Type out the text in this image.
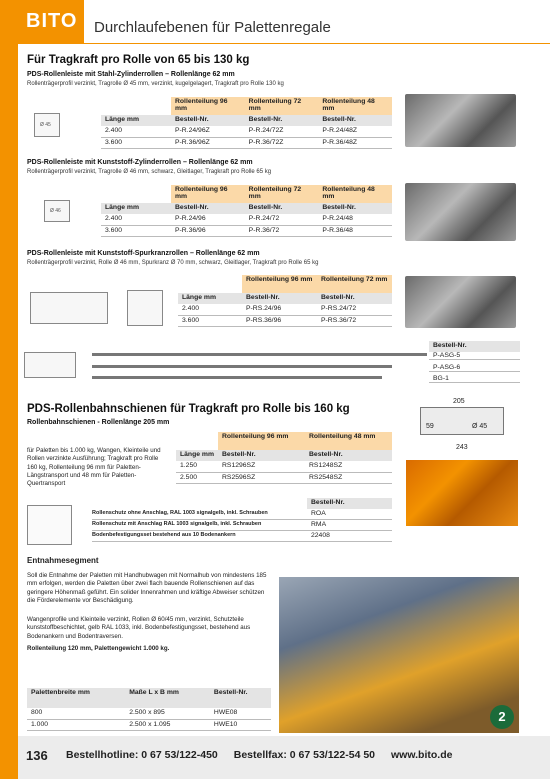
BITO	Durchlaufebenen für Palettenregale
Für Tragkraft pro Rolle von 65 bis 130 kg
PDS-Rollenleiste mit Stahl-Zylinderrollen – Rollenlänge 62 mm
Rollenträgerprofil verzinkt, Tragrolle Ø 45 mm, verzinkt, kugelgelagert, Tragkraft pro Rolle 130 kg
Ø 45
	Rollenteilung 96 mm	Rollenteilung 72 mm	Rollenteilung 48 mm
Länge mm	Bestell-Nr.	Bestell-Nr.	Bestell-Nr.
2.400	P-R.24/96Z	P-R.24/72Z	P-R.24/48Z
3.600	P-R.36/96Z	P-R.36/72Z	P-R.36/48Z
PDS-Rollenleiste mit Kunststoff-Zylinderrollen – Rollenlänge 62 mm
Rollenträgerprofil verzinkt, Tragrolle Ø 46 mm, schwarz, Gleitlager, Tragkraft pro Rolle 65 kg
Ø 46
	Rollenteilung 96 mm	Rollenteilung 72 mm	Rollenteilung 48 mm
Länge mm	Bestell-Nr.	Bestell-Nr.	Bestell-Nr.
2.400	P-R.24/96	P-R.24/72	P-R.24/48
3.600	P-R.36/96	P-R.36/72	P-R.36/48
PDS-Rollenleiste mit Kunststoff-Spurkranzrollen – Rollenlänge 62 mm
Rollenträgerprofil verzinkt, Rolle Ø 46 mm, Spurkranz Ø 70 mm, schwarz, Gleitlager, Tragkraft pro Rolle 65 kg
	Rollenteilung 96 mm	Rollenteilung 72 mm
Länge mm	Bestell-Nr.	Bestell-Nr.
2.400	P-RS.24/96	P-RS.24/72
3.600	P-RS.36/96	P-RS.36/72
Bestell-Nr.
P-ASG-5
P-ASG-6
BG-1
PDS-Rollenbahnschienen für Tragkraft pro Rolle bis 160 kg
Rollenbahnschienen - Rollenlänge 205 mm
für Paletten bis 1.000 kg, Wangen, Kleinteile und Rollen verzinkte Ausführung; Tragkraft pro Rolle 160 kg, Rollenteilung 96 mm für Paletten-Längstransport und 48 mm für Paletten-Quertransport
	Rollenteilung 96 mm	Rollenteilung 48 mm
Länge mm	Bestell-Nr.	Bestell-Nr.
1.250	RS1296SZ	RS1248SZ
2.500	RS2596SZ	RS2548SZ
205
59	Ø 45
243
Bestell-Nr.
Rollenschutz ohne Anschlag, RAL 1003 signalgelb, inkl. Schrauben	ROA
Rollenschutz mit Anschlag RAL 1003 signalgelb, inkl. Schrauben	RMA
Bodenbefestigungsset bestehend aus 10 Bodenankern	22408
Entnahmesegment
Soll die Entnahme der Paletten mit Handhubwagen mit Normalhub von mindestens 185 mm erfolgen, werden die Paletten über zwei flach bauende Rollenschienen auf das geringere Höhenmaß geführt. Ein solider Innenrahmen und kräftige Abweiser schützen die Förderelemente vor Beschädigung.
Wangenprofile und Kleinteile verzinkt, Rollen Ø 60/45 mm, verzinkt, Schutzteile kunststoffbeschichtet, gelb RAL 1033, inkl. Bodenbefestigungsset, bestehend aus Bodenankern und Bodentraversen.
Rollenteilung 120 mm, Palettengewicht 1.000 kg.
Palettenbreite mm	Maße L x B mm	Bestell-Nr.
800	2.500 x 895	HWE08
1.000	2.500 x 1.095	HWE10	2
136 Bestellhotline: 0 67 53/122-450 Bestellfax: 0 67 53/122-54 50 www.bito.de
